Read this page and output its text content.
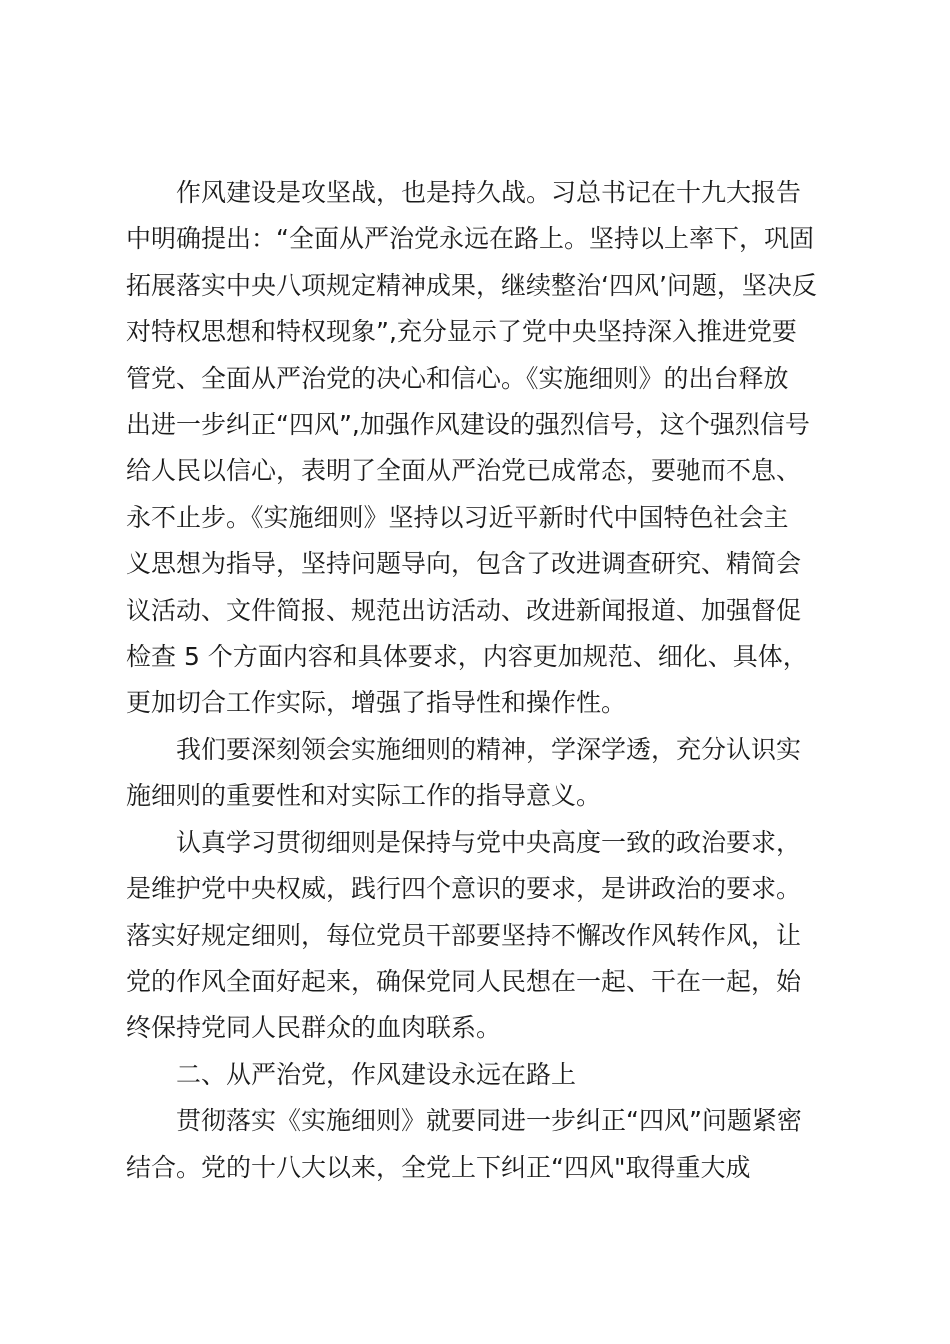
作风建设是攻坚战，也是持久战。习总书记在十九大报告
中明确提出：“全面从严治党永远在路上。坚持以上率下，巩固
拓展落实中央八项规定精神成果，继续整治‘四风’问题，坚决反
对特权思想和特权现象”,充分显示了党中央坚持深入推进党要
管党、全面从严治党的决心和信心。《实施细则》的出台释放
出进一步纠正“四风”,加强作风建设的强烈信号，这个强烈信号
给人民以信心，表明了全面从严治党已成常态，要驰而不息、
永不止步。《实施细则》坚持以习近平新时代中国特色社会主
义思想为指导，坚持问题导向，包含了改进调查研究、精简会
议活动、文件简报、规范出访活动、改进新闻报道、加强督促
检查 5 个方面内容和具体要求，内容更加规范、细化、具体，
更加切合工作实际，增强了指导性和操作性。

我们要深刻领会实施细则的精神，学深学透，充分认识实
施细则的重要性和对实际工作的指导意义。

认真学习贯彻细则是保持与党中央高度一致的政治要求，
是维护党中央权威，践行四个意识的要求，是讲政治的要求。
落实好规定细则，每位党员干部要坚持不懈改作风转作风，让
党的作风全面好起来，确保党同人民想在一起、干在一起，始
终保持党同人民群众的血肉联系。

二、从严治党，作风建设永远在路上

贯彻落实《实施细则》就要同进一步纠正“四风”问题紧密
结合。党的十八大以来，全党上下纠正“四风"取得重大成
